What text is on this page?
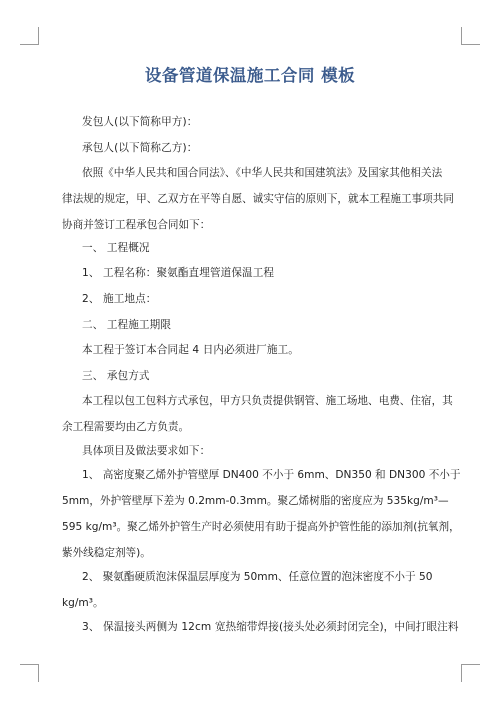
设备管道保温施工合同 模板
发包人(以下简称甲方)：
承包人(以下简称乙方)：
依照《中华人民共和国合同法》、《中华人民共和国建筑法》及国家其他相关法
律法规的规定，甲、乙双方在平等自愿、诚实守信的原则下，就本工程施工事项共同
协商并签订工程承包合同如下：
一、 工程概况
1、 工程名称：聚氨酯直埋管道保温工程
2、 施工地点：
二、 工程施工期限
本工程于签订本合同起 4 日内必须进厂施工。
三、 承包方式
本工程以包工包料方式承包，甲方只负责提供钢管、施工场地、电费、住宿，其
余工程需要均由乙方负责。
具体项目及做法要求如下：
1、 高密度聚乙烯外护管壁厚 DN400 不小于 6mm、DN350 和 DN300 不小于
5mm，外护管壁厚下差为 0.2mm-0.3mm。聚乙烯树脂的密度应为 535kg/m³—
595 kg/m³。聚乙烯外护管生产时必须使用有助于提高外护管性能的添加剂(抗氧剂，
紫外线稳定剂等)。
2、 聚氨酯硬质泡沫保温层厚度为 50mm、任意位置的泡沫密度不小于 50
kg/m³。
3、 保温接头两侧为 12cm 宽热缩带焊接(接头处必须封闭完全)，中间打眼注料
